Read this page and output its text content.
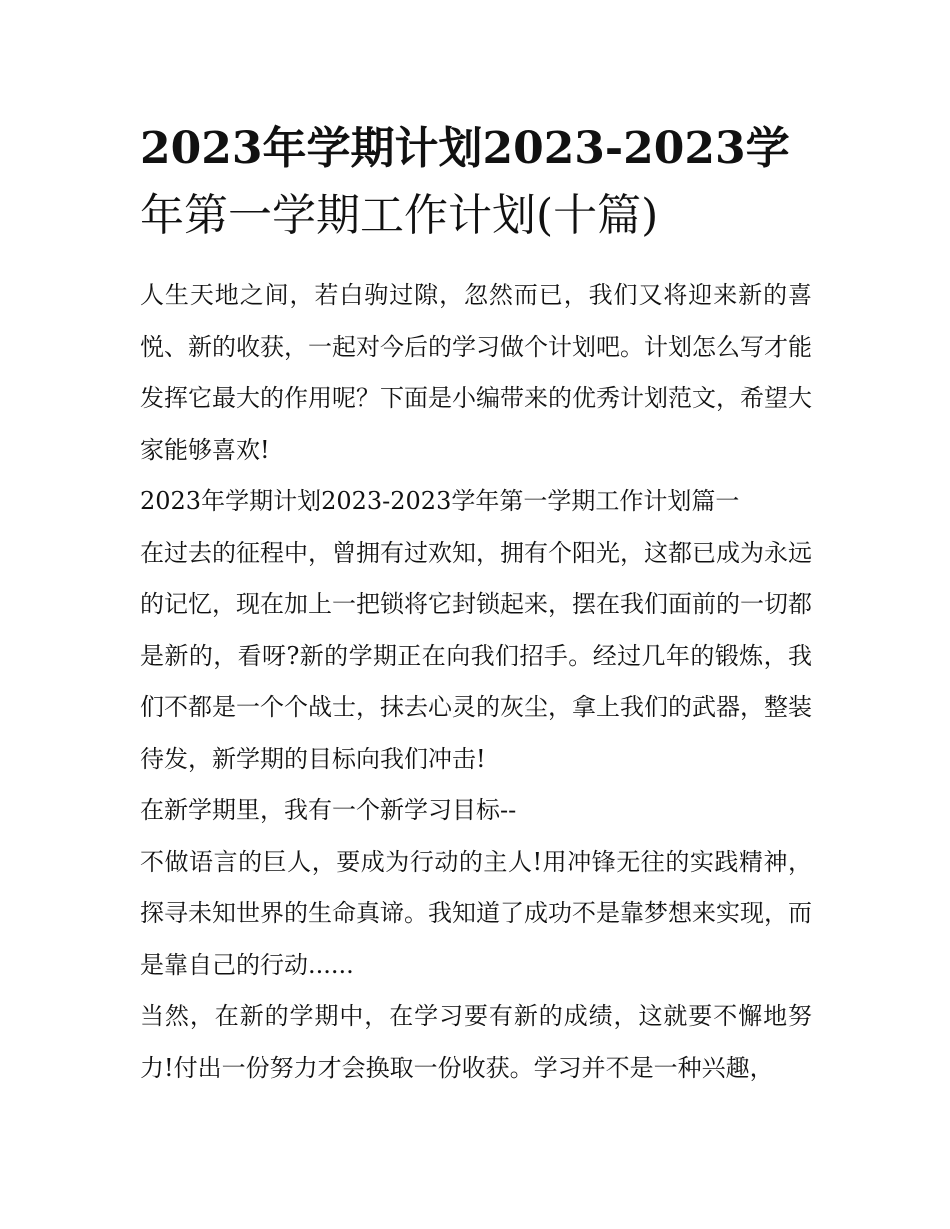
2023年学期计划2023-2023学
年第一学期工作计划(十篇)

人生天地之间，若白驹过隙，忽然而已，我们又将迎来新的喜悦、新的收获，一起对今后的学习做个计划吧。计划怎么写才能发挥它最大的作用呢？下面是小编带来的优秀计划范文，希望大家能够喜欢!

2023年学期计划2023-2023学年第一学期工作计划篇一

在过去的征程中，曾拥有过欢知，拥有个阳光，这都已成为永远的记忆，现在加上一把锁将它封锁起来，摆在我们面前的一切都是新的，看呀?新的学期正在向我们招手。经过几年的锻炼，我们不都是一个个战士，抹去心灵的灰尘，拿上我们的武器，整装待发，新学期的目标向我们冲击!

在新学期里，我有一个新学习目标--

不做语言的巨人，要成为行动的主人!用冲锋无往的实践精神，探寻未知世界的生命真谛。我知道了成功不是靠梦想来实现，而是靠自己的行动......

当然，在新的学期中，在学习要有新的成绩，这就要不懈地努力!付出一份努力才会换取一份收获。学习并不是一种兴趣，
